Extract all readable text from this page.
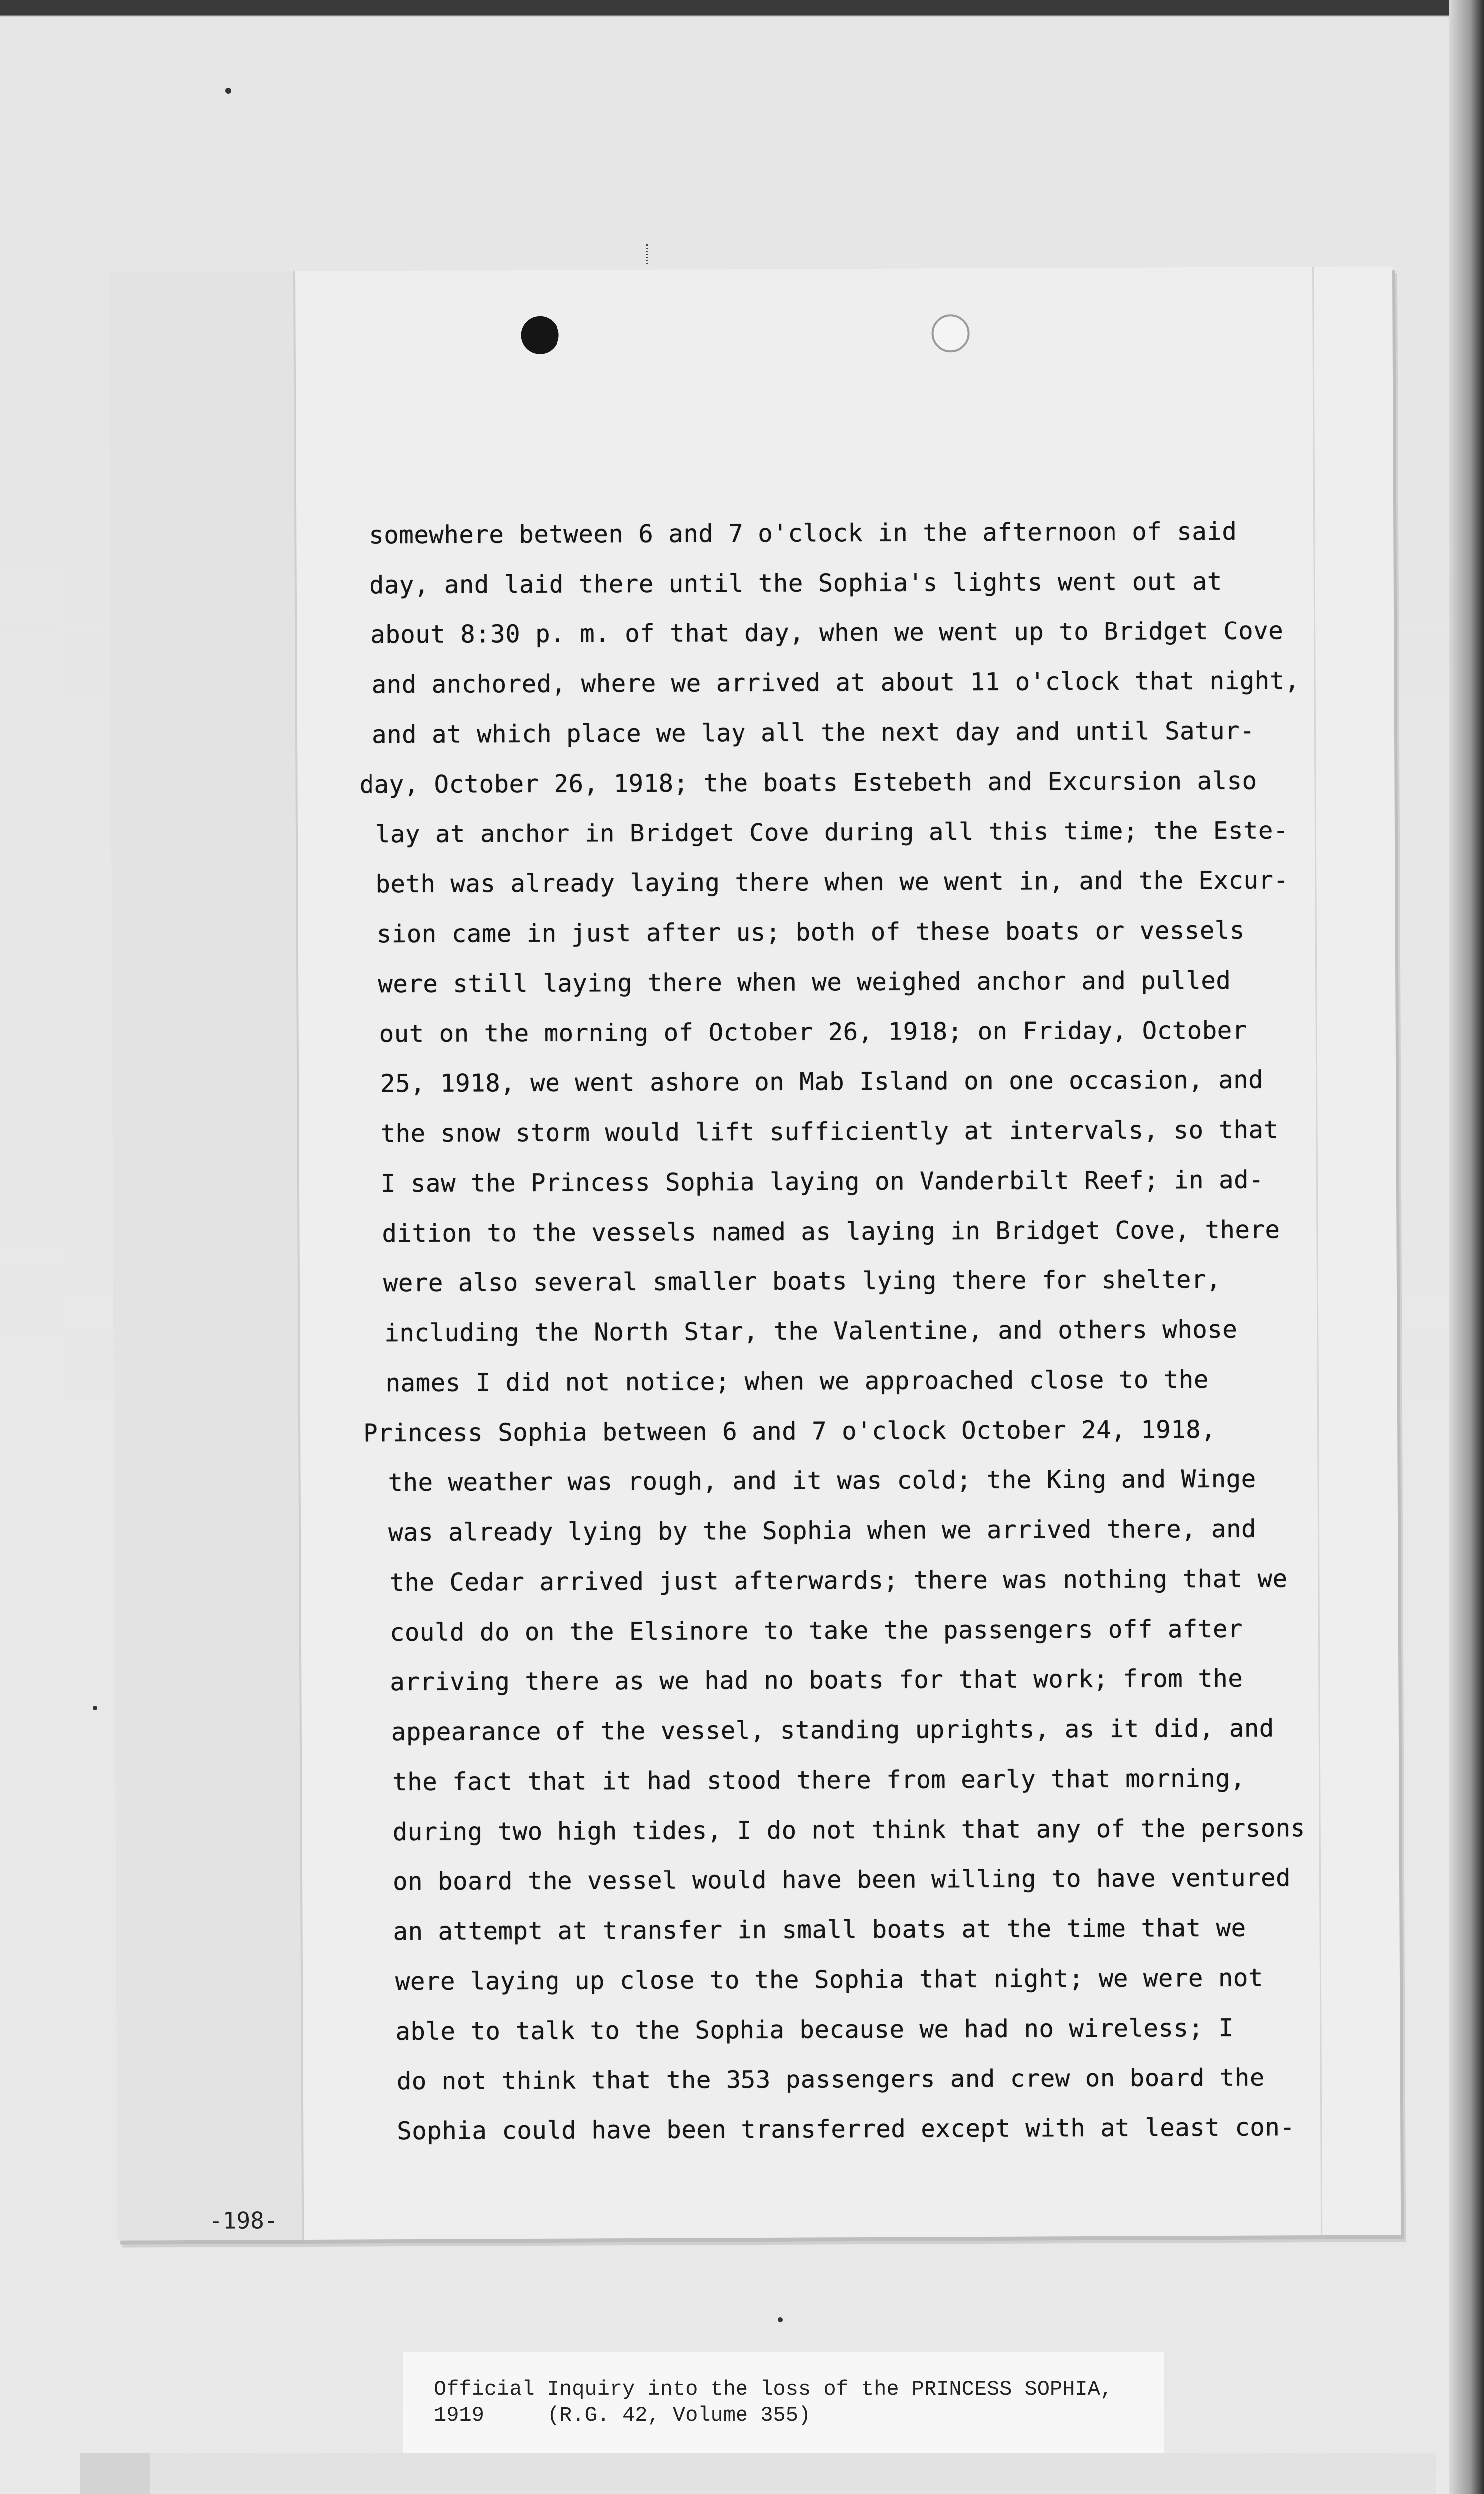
somewhere between 6 and 7 o'clock in the afternoon of said
day, and laid there until the Sophia's lights went out at
about 8:30 p. m. of that day, when we went up to Bridget Cove
and anchored, where we arrived at about 11 o'clock that night,
and at which place we lay all the next day and until Satur-
day, October 26, 1918; the boats Estebeth and Excursion also
lay at anchor in Bridget Cove during all this time; the Este-
beth was already laying there when we went in, and the Excur-
sion came in just after us; both of these boats or vessels
were still laying there when we weighed anchor and pulled
out on the morning of October 26, 1918; on Friday, October
25, 1918, we went ashore on Mab Island on one occasion, and
the snow storm would lift sufficiently at intervals, so that
I saw the Princess Sophia laying on Vanderbilt Reef; in ad-
dition to the vessels named as laying in Bridget Cove, there
were also several smaller boats lying there for shelter,
including the North Star, the Valentine, and others whose
names I did not notice; when we approached close to the
Princess Sophia between 6 and 7 o'clock October 24, 1918,
the weather was rough, and it was cold; the King and Winge
was already lying by the Sophia when we arrived there, and
the Cedar arrived just afterwards; there was nothing that we
could do on the Elsinore to take the passengers off after
arriving there as we had no boats for that work; from the
appearance of the vessel, standing uprights, as it did, and
the fact that it had stood there from early that morning,
during two high tides, I do not think that any of the persons
on board the vessel would have been willing to have ventured
an attempt at transfer in small boats at the time that we
were laying up close to the Sophia that night; we were not
able to talk to the Sophia because we had no wireless; I
do not think that the 353 passengers and crew on board the
Sophia could have been transferred except with at least con-
-198-
Official Inquiry into the loss of the PRINCESS SOPHIA,
1919     (R.G. 42, Volume 355)
